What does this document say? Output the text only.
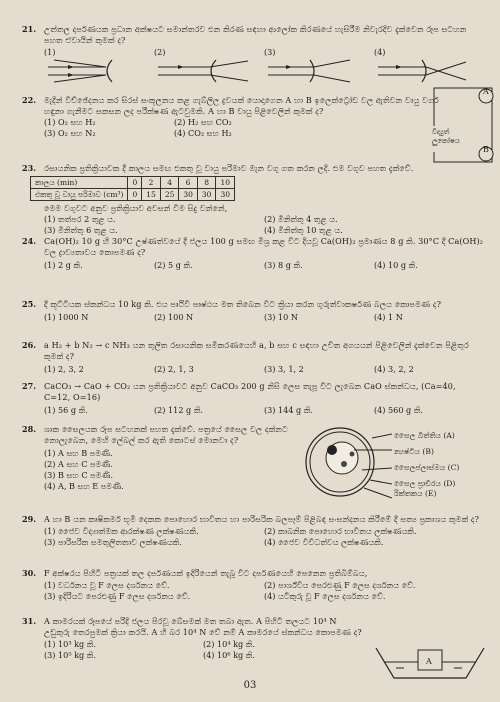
21. උත්තල දර්පණයක ප්‍රධාන අක්ෂයට සමාන්තරව එන කිරණ සඳහා ආලෝක කිරණයේ හැසිරීම නිවැරදිව දැක්වෙන රූප සටහන පහත ඒවායින් කුමක් ද?
(1)	(2)	(3)	(4)
22. මැදින් විච්ඡේදනය කර සිරස් සංකූලනය කළ ගැබ්ලිල ද්‍රවයක් යොදාගෙන A හා B ඉලෙක්ට්‍රෝඩ වල ඇතිවන වායු වර්ග හඳුනා ගැනීමට සකසන ලද පරීක්ෂණ ඇටවුමකි. A හා B වායු පිළිවෙලින් කුමක් ද?
(1) O₂ සහ H₂	(2) H₂ සහ CO₂
(3) O₂ සහ N₂	(4) CO₂ සහ H₂
A
B
විද්‍යුත් ලුකෝෂය
23. රසායනික ප්‍රතික්‍රියාවක දී කාලය සමඟ එකතු වූ වායු පරිමාව මැන වගු ගත කරන ලදි. එම වගුව පහත දැක්වේ.
කාලය (min)	0	2	4	6	8	10
එකතු වූ වායු පරිමාව (cm³)	0	15	25	30	30	30
මෙම වගුවට අනුව ප්‍රතික්‍රියාව අවසන් වීම සිදු වන්නේ,
(1) තත්පර 2 තුළ ය.	(2) මිනිත්තු 4 තුළ ය.
(3) මිනිත්තු 6 තුළ ය.	(4) මිනිත්තු 10 තුළ ය.
24. Ca(OH)₂ 10 g හි 30°C උෂ්ණත්වයේ දී ජලය 100 g සමඟ මිශ්‍ර කළ විට දියවූ Ca(OH)₂ ප්‍රමාණය 8 g කි. 30°C දී Ca(OH)₂ වල ද්‍රාව්‍යතාවය කොපමණ ද?
(1) 2 g කි.	(2) 5 g කි.	(3) 8 g කි.	(4) 10 g කි.
25. දී කූට්ටියක ස්කන්ධය 10 kg කි. එය පෘථිවි පෘෂ්ඨය මත තිබෙන විට ක්‍රියා කරන ගුරුත්වාකර්ෂණ බලය කොපමණ ද?
(1) 1000 N	(2) 100 N	(3) 10 N	(4) 1 N
26. a H₂ + b N₂ → c NH₃ යන තුලිත රසායනික සමීකරණයෙහි a, b සහ c සඳහා උචිත අගයයන් පිළිවෙලින් දැක්වෙන පිළිතුර කුමක් ද?
(1) 2, 3, 2	(2) 2, 1, 3	(3) 3, 1, 2	(4) 3, 2, 2
27. CaCO₃ → CaO + CO₂ යන ප්‍රතික්‍රියාවට අනුව CaCO₃ 200 g නිසි ලෙස තැපූ විට ලැබෙන CaO ස්කන්ධය, (Ca=40, C=12, O=16)
(1) 56 g කි.	(2) 112 g කි.	(3) 144 g කි.	(4) 560 g කි.
28. ශාක සෛලයක රූප සටහනක් පහත දැක්වේ. පත්‍රයේ සෛල වල දක්නට නොලැබෙන, මෙහි ලේබල් කර ඇති කොටස් මොනවා ද?
(1) A සහ B පමණි.
(2) A සහ C පමණි.
(3) B සහ C පමණි.
(4) A, B සහ E පමණි.
සෛල බිත්තිය (A)
න්‍යෂ්ටිය (B)
සෛලප්ලාස්මය (C)
සෛල ප්‍රාචීරය (D)
රික්තකය (E)
29. A හා B යන කෘෂිකර්ම භූමි දෙකක පොහොර භාවිතය හා පාරිසරික බලපෑම් පිළිබඳ සංසන්දනය කිරීමේ දී සත්‍ය ප්‍රකාශය කුමක් ද?
(1) ජෛව විද්‍යාත්මක ආරක්ෂණ ලක්ෂණයකි.	(2) කාබනික පොහොර භාවිතය ලක්ෂණයකි.
(3) පාරිසරික සමතුලිතතාව ලක්ෂණයකි.	(4) ජෛව විවිධත්වය ලක්ෂණයකි.
30. F අක්ෂරය පිහිටි පත්‍රයක් තල දර්පණයක් ඉදිරියෙන් තැබූ විට දර්පණයෙහි පෙනෙන ප්‍රතිබිම්බය,
(1) වර්ධනය වූ F ලෙස දර්ශනය වේ.	(2) පාර්ශ්වීය පෙරළුණු F ලෙස දර්ශනය වේ.
(3) ඉදිරියට පෙරළුණු F ලෙස දර්ශනය වේ.	(4) යටිකුරු වූ F ලෙස දර්ශනය වේ.
31. A කාමරයක් රූපයේ පරිදි ජලය පිරවූ බේසමක් මත තබා ඇත. A පිහිටි තලයට 10⁴ N උඩුකුරු තෙරපුමක් ක්‍රියා කරයි. A හි බර 10⁴ N වේ නම් A කාමරයේ ස්කන්ධය කොපමණ ද?
(1) 10³ kg කි.	(2) 10⁴ kg කි.
(3) 10⁵ kg කි.	(4) 10⁶ kg කි.
A
03
